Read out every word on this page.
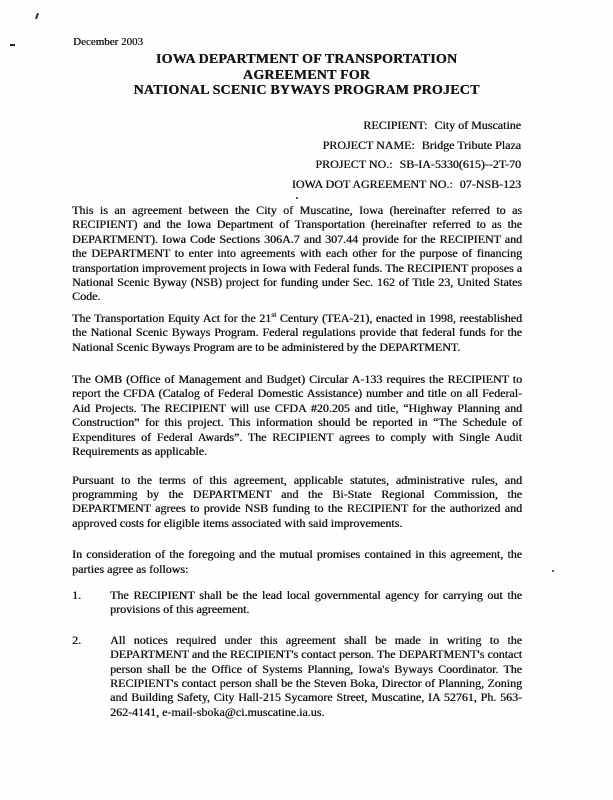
December 2003
IOWA DEPARTMENT OF TRANSPORTATION
AGREEMENT FOR
NATIONAL SCENIC BYWAYS PROGRAM PROJECT
RECIPIENT: City of Muscatine
PROJECT NAME: Bridge Tribute Plaza
PROJECT NO.: SB-IA-5330(615)--2T-70
IOWA DOT AGREEMENT NO.: 07-NSB-123

This is an agreement between the City of Muscatine, Iowa (hereinafter referred to as RECIPIENT) and the Iowa Department of Transportation (hereinafter referred to as the DEPARTMENT). Iowa Code Sections 306A.7 and 307.44 provide for the RECIPIENT and the DEPARTMENT to enter into agreements with each other for the purpose of financing transportation improvement projects in Iowa with Federal funds. The RECIPIENT proposes a National Scenic Byway (NSB) project for funding under Sec. 162 of Title 23, United States Code.

The Transportation Equity Act for the 21st Century (TEA-21), enacted in 1998, reestablished the National Scenic Byways Program. Federal regulations provide that federal funds for the National Scenic Byways Program are to be administered by the DEPARTMENT.

The OMB (Office of Management and Budget) Circular A-133 requires the RECIPIENT to report the CFDA (Catalog of Federal Domestic Assistance) number and title on all Federal-Aid Projects. The RECIPIENT will use CFDA #20.205 and title, “Highway Planning and Construction” for this project. This information should be reported in “The Schedule of Expenditures of Federal Awards”. The RECIPIENT agrees to comply with Single Audit Requirements as applicable.

Pursuant to the terms of this agreement, applicable statutes, administrative rules, and programming by the DEPARTMENT and the Bi-State Regional Commission, the DEPARTMENT agrees to provide NSB funding to the RECIPIENT for the authorized and approved costs for eligible items associated with said improvements.

In consideration of the foregoing and the mutual promises contained in this agreement, the parties agree as follows:

1.	The RECIPIENT shall be the lead local governmental agency for carrying out the provisions of this agreement.
2.	All notices required under this agreement shall be made in writing to the DEPARTMENT and the RECIPIENT's contact person. The DEPARTMENT's contact person shall be the Office of Systems Planning, Iowa's Byways Coordinator. The RECIPIENT's contact person shall be the Steven Boka, Director of Planning, Zoning and Building Safety, City Hall-215 Sycamore Street, Muscatine, IA 52761, Ph. 563-262-4141, e-mail-sboka@ci.muscatine.ia.us.
